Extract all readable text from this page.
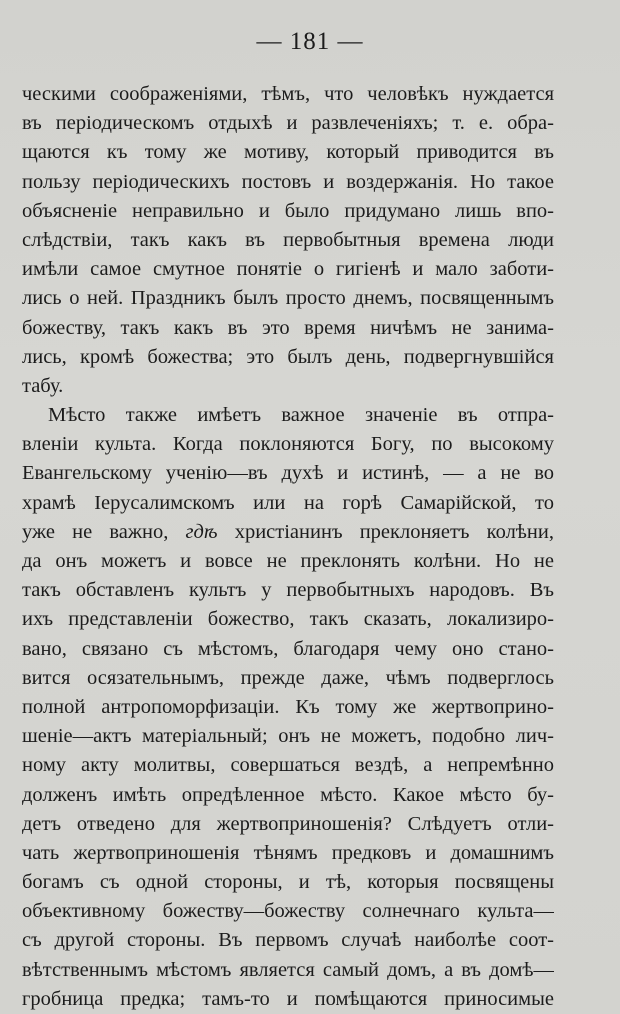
— 181 —
ческими соображеніями, тѣмъ, что человѣкъ нуждается
въ періодическомъ отдыхѣ и развлеченіяхъ; т. е. обра-
щаются къ тому же мотиву, который приводится въ
пользу періодическихъ постовъ и воздержанія. Но такое
объясненіе неправильно и было придумано лишь впо-
слѣдствіи, такъ какъ въ первобытныя времена люди
имѣли самое смутное понятіе о гигіенѣ и мало заботи-
лись о ней. Праздникъ былъ просто днемъ, посвященнымъ
божеству, такъ какъ въ это время ничѣмъ не занима-
лись, кромѣ божества; это былъ день, подвергнувшійся
табу.
Мѣсто также имѣетъ важное значеніе въ отпра-
вленіи культа. Когда поклоняются Богу, по высокому
Евангельскому ученію—въ духѣ и истинѣ, — а не во
храмѣ Іерусалимскомъ или на горѣ Самарійской, то
уже не важно, гдѣ христіанинъ преклоняетъ колѣни,
да онъ можетъ и вовсе не преклонять колѣни. Но не
такъ обставленъ культъ у первобытныхъ народовъ. Въ
ихъ представленіи божество, такъ сказать, локализиро-
вано, связано съ мѣстомъ, благодаря чему оно стано-
вится осязательнымъ, прежде даже, чѣмъ подверглось
полной антропоморфизаціи. Къ тому же жертвоприно-
шеніе—актъ матеріальный; онъ не можетъ, подобно лич-
ному акту молитвы, совершаться вездѣ, а непремѣнно
долженъ имѣть опредѣленное мѣсто. Какое мѣсто бу-
детъ отведено для жертвоприношенія? Слѣдуетъ отли-
чать жертвоприношенія тѣнямъ предковъ и домашнимъ
богамъ съ одной стороны, и тѣ, которыя посвящены
объективному божеству—божеству солнечнаго культа—
съ другой стороны. Въ первомъ случаѣ наиболѣе соот-
вѣтственнымъ мѣстомъ является самый домъ, а въ домѣ—
гробница предка; тамъ-то и помѣщаются приносимые
